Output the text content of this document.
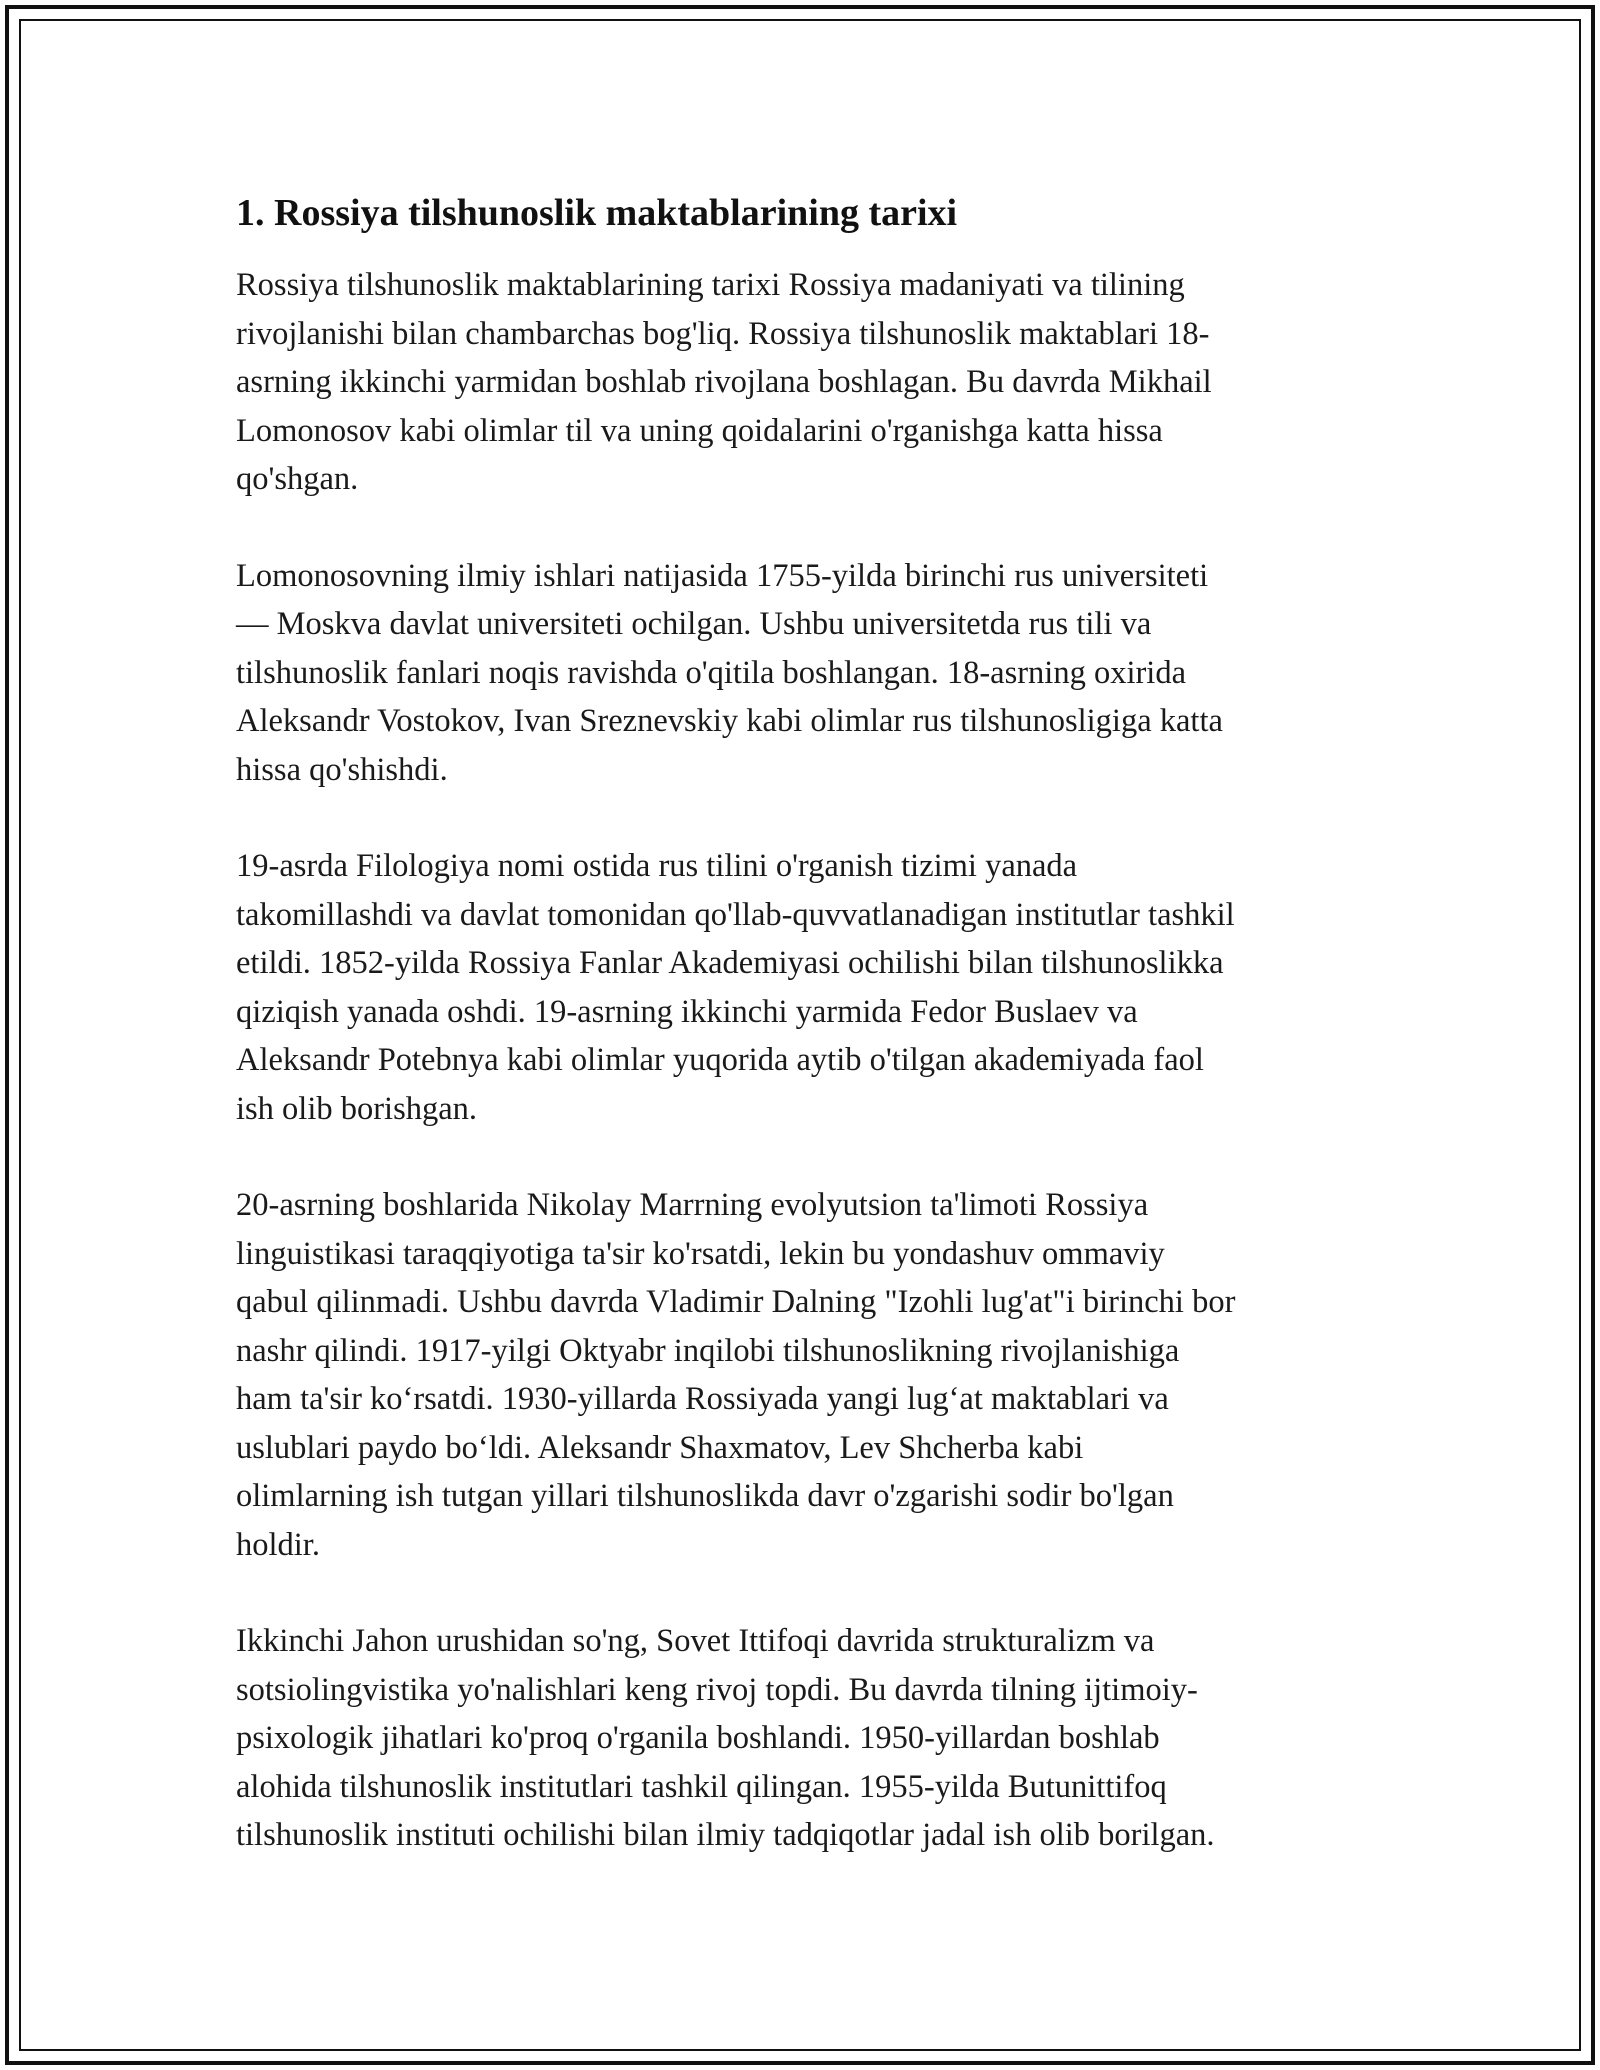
1. Rossiya tilshunoslik maktablarining tarixi

Rossiya tilshunoslik maktablarining tarixi Rossiya madaniyati va tilining
rivojlanishi bilan chambarchas bog'liq. Rossiya tilshunoslik maktablari 18-
asrning ikkinchi yarmidan boshlab rivojlana boshlagan. Bu davrda Mikhail
Lomonosov kabi olimlar til va uning qoidalarini o'rganishga katta hissa
qo'shgan.

Lomonosovning ilmiy ishlari natijasida 1755-yilda birinchi rus universiteti
— Moskva davlat universiteti ochilgan. Ushbu universitetda rus tili va
tilshunoslik fanlari noqis ravishda o'qitila boshlangan. 18-asrning oxirida
Aleksandr Vostokov, Ivan Sreznevskiy kabi olimlar rus tilshunosligiga katta
hissa qo'shishdi.

19-asrda Filologiya nomi ostida rus tilini o'rganish tizimi yanada
takomillashdi va davlat tomonidan qo'llab-quvvatlanadigan institutlar tashkil
etildi. 1852-yilda Rossiya Fanlar Akademiyasi ochilishi bilan tilshunoslikka
qiziqish yanada oshdi. 19-asrning ikkinchi yarmida Fedor Buslaev va
Aleksandr Potebnya kabi olimlar yuqorida aytib o'tilgan akademiyada faol
ish olib borishgan.

20-asrning boshlarida Nikolay Marrning evolyutsion ta'limoti Rossiya
linguistikasi taraqqiyotiga ta'sir ko'rsatdi, lekin bu yondashuv ommaviy
qabul qilinmadi. Ushbu davrda Vladimir Dalning "Izohli lug'at"i birinchi bor
nashr qilindi. 1917-yilgi Oktyabr inqilobi tilshunoslikning rivojlanishiga
ham ta'sir ko‘rsatdi. 1930-yillarda Rossiyada yangi lug‘at maktablari va
uslublari paydo bo‘ldi. Aleksandr Shaxmatov, Lev Shcherba kabi
olimlarning ish tutgan yillari tilshunoslikda davr o'zgarishi sodir bo'lgan
holdir.

Ikkinchi Jahon urushidan so'ng, Sovet Ittifoqi davrida strukturalizm va
sotsiolingvistika yo'nalishlari keng rivoj topdi. Bu davrda tilning ijtimoiy-
psixologik jihatlari ko'proq o'rganila boshlandi. 1950-yillardan boshlab
alohida tilshunoslik institutlari tashkil qilingan. 1955-yilda Butunittifoq
tilshunoslik instituti ochilishi bilan ilmiy tadqiqotlar jadal ish olib borilgan.
